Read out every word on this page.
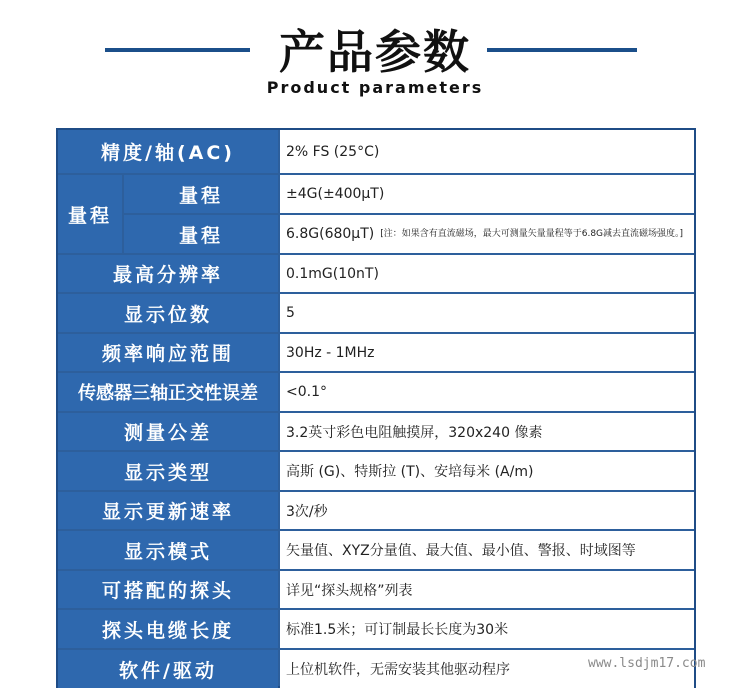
产品参数
Product parameters
精度/轴(AC)	2% FS (25°C)
量程
量程	±4G(±400μT)
量程	6.8G(680μT) [注：如果含有直流磁场，最大可测量矢量量程等于6.8G减去直流磁场强度。]
最高分辨率	0.1mG(10nT)
显示位数	5
频率响应范围	30Hz - 1MHz
传感器三轴正交性误差	<0.1°
测量公差	3.2英寸彩色电阻触摸屏，320x240 像素
显示类型	高斯 (G)、特斯拉 (T)、安培每米 (A/m)
显示更新速率	3次/秒
显示模式	矢量值、XYZ分量值、最大值、最小值、警报、时域图等
可搭配的探头	详见“探头规格”列表
探头电缆长度	标准1.5米；可订制最长长度为30米
软件/驱动	上位机软件，无需安装其他驱动程序	www.lsdjm17.com
